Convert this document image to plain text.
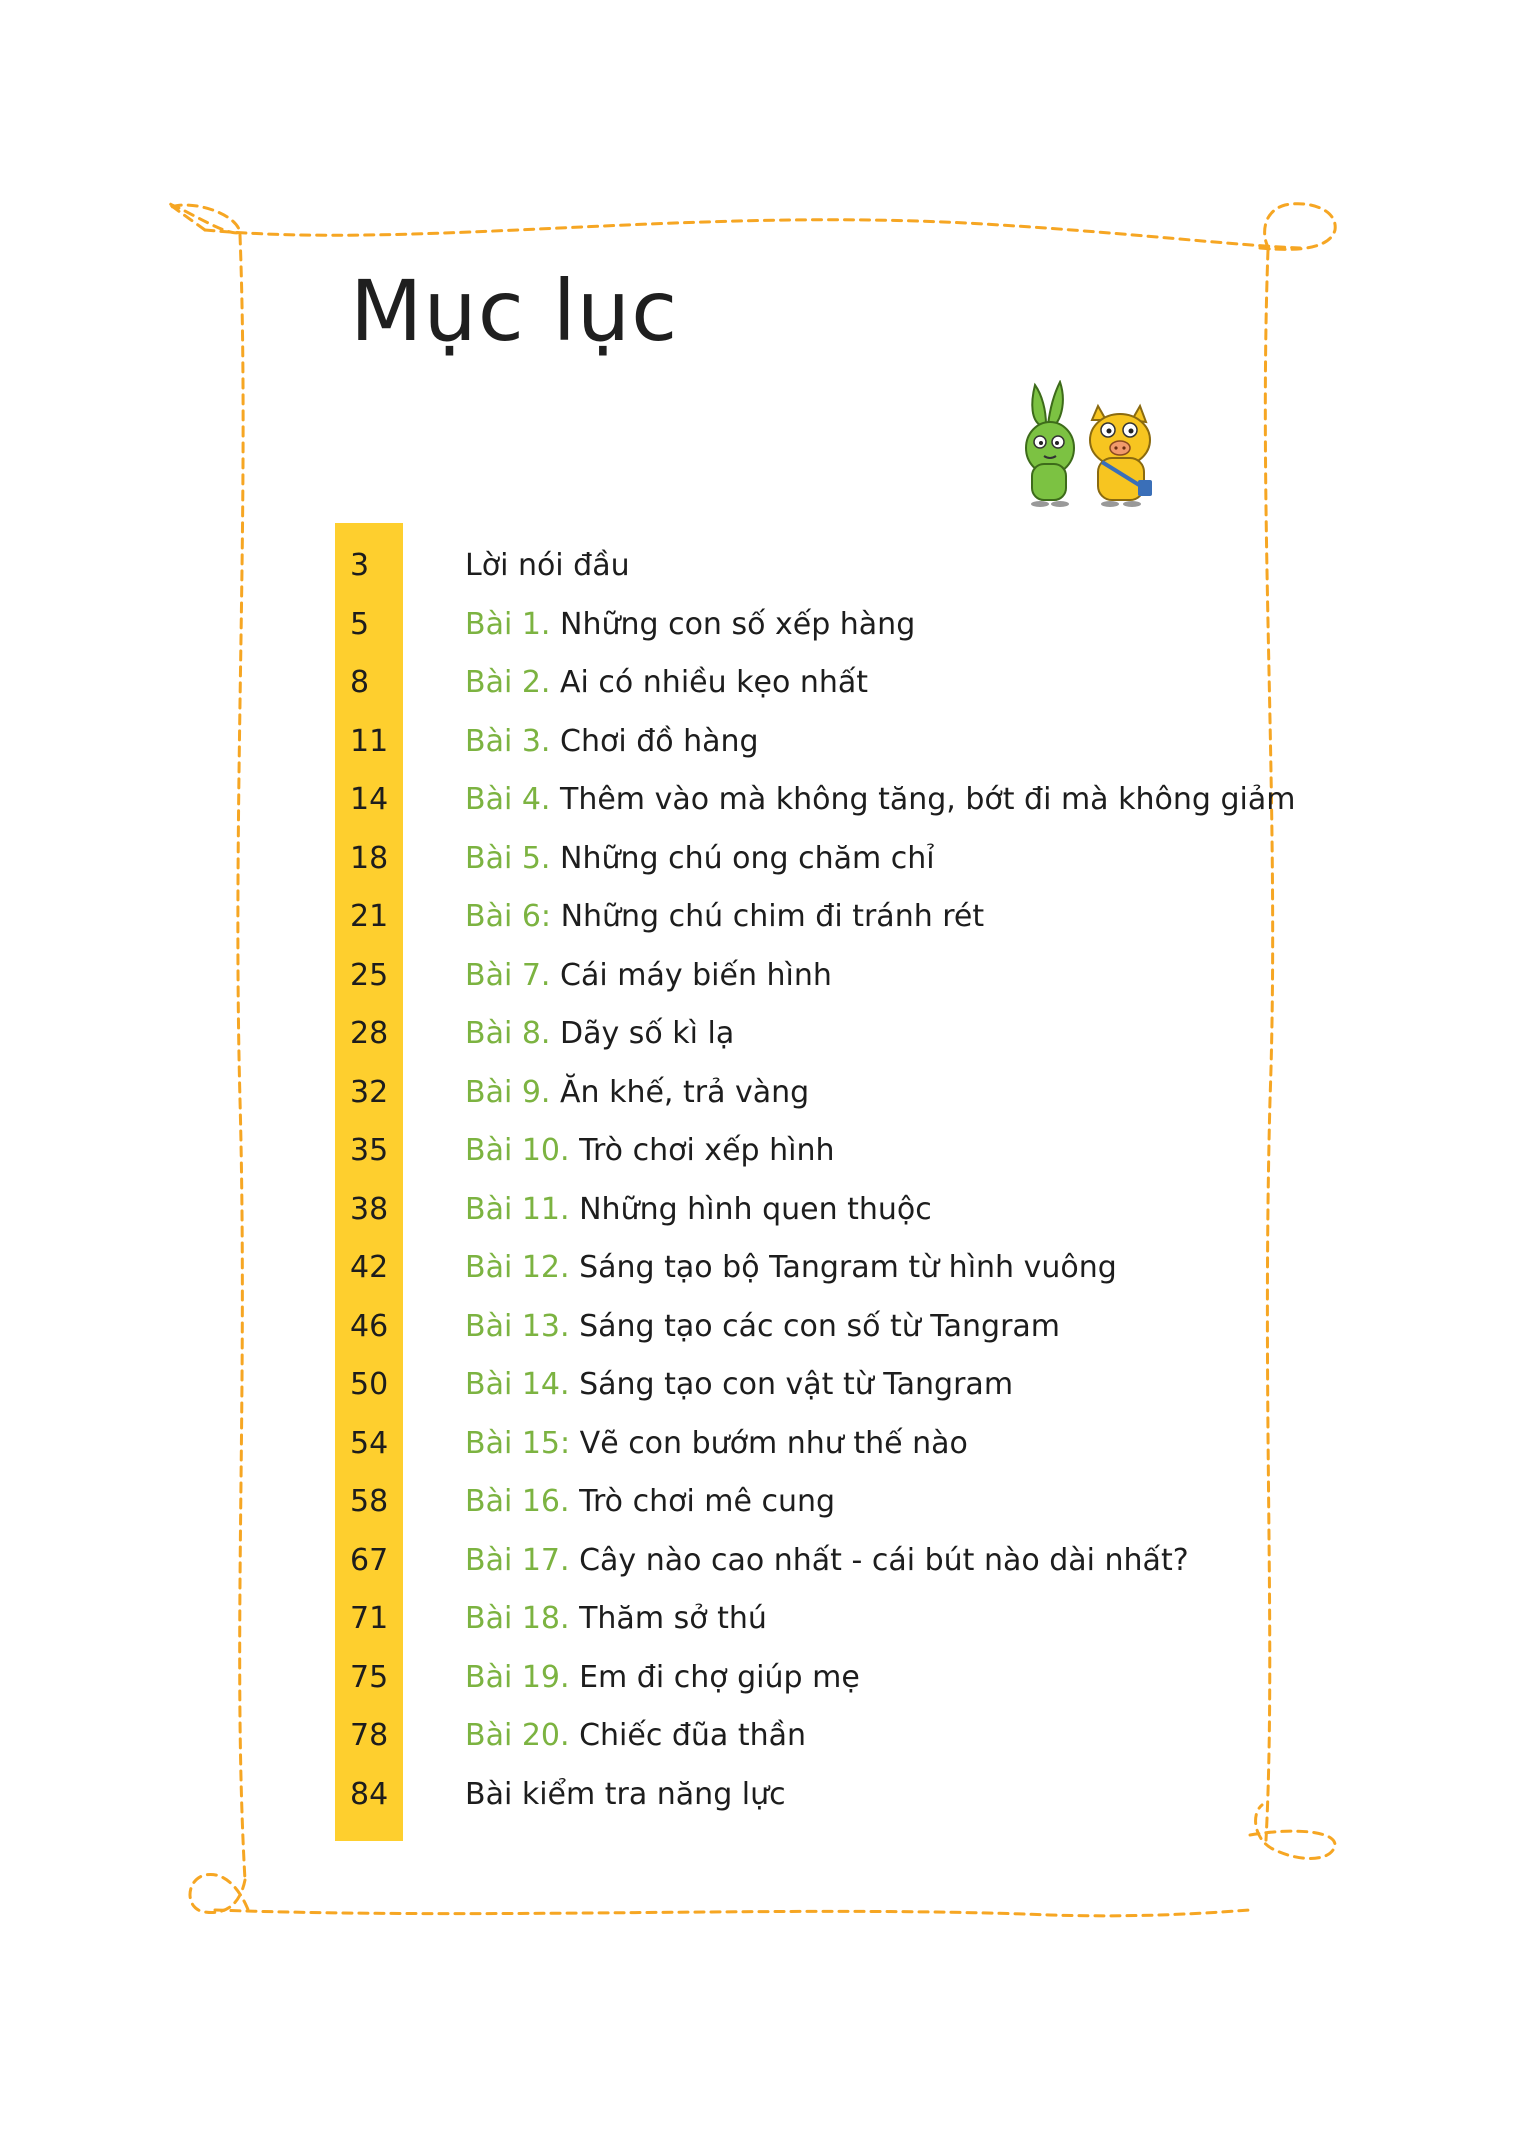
Mục lục
3	Lời nói đầu
5	Bài 1. Những con số xếp hàng
8	Bài 2. Ai có nhiều kẹo nhất
11	Bài 3. Chơi đồ hàng
14	Bài 4. Thêm vào mà không tăng, bớt đi mà không giảm
18	Bài 5. Những chú ong chăm chỉ
21	Bài 6: Những chú chim đi tránh rét
25	Bài 7. Cái máy biến hình
28	Bài 8. Dãy số kì lạ
32	Bài 9. Ăn khế, trả vàng
35	Bài 10. Trò chơi xếp hình
38	Bài 11. Những hình quen thuộc
42	Bài 12. Sáng tạo bộ Tangram từ hình vuông
46	Bài 13. Sáng tạo các con số từ Tangram
50	Bài 14. Sáng tạo con vật từ Tangram
54	Bài 15: Vẽ con bướm như thế nào
58	Bài 16. Trò chơi mê cung
67	Bài 17. Cây nào cao nhất - cái bút nào dài nhất?
71	Bài 18. Thăm sở thú
75	Bài 19. Em đi chợ giúp mẹ
78	Bài 20. Chiếc đũa thần
84	Bài kiểm tra năng lực
